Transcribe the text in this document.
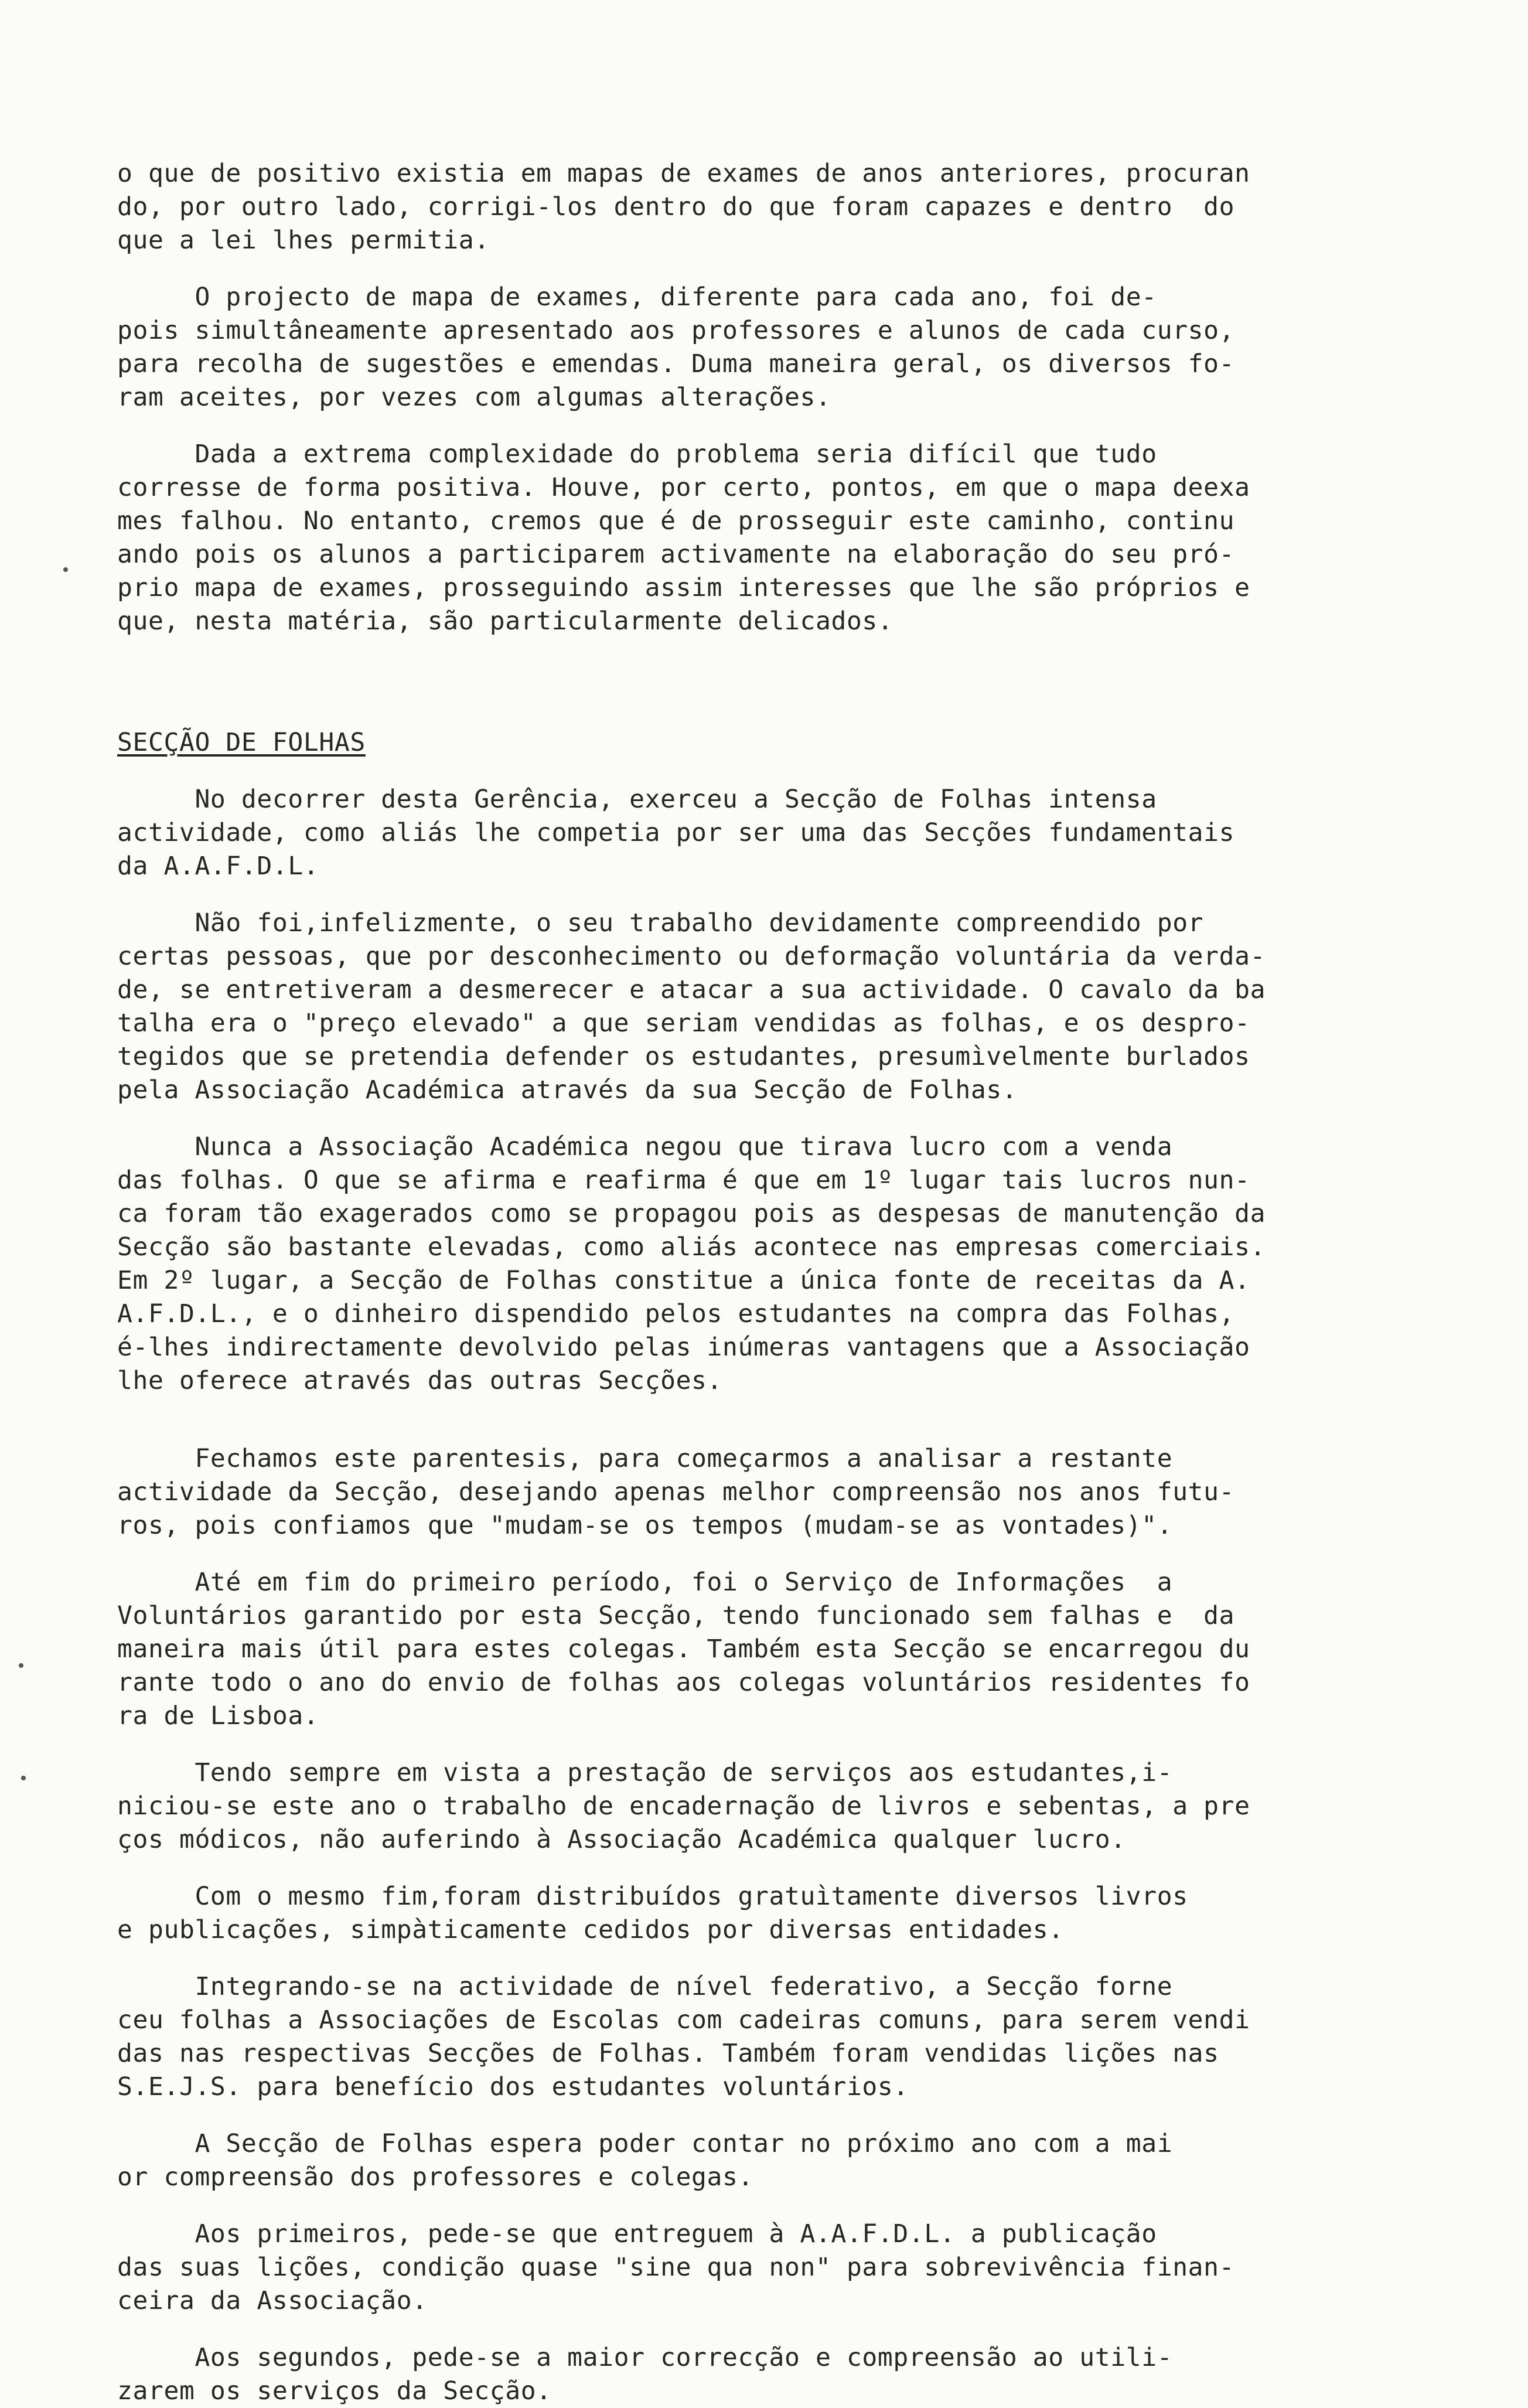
o que de positivo existia em mapas de exames de anos anteriores, procuran
do, por outro lado, corrigi-los dentro do que foram capazes e dentro  do
que a lei lhes permitia.
O projecto de mapa de exames, diferente para cada ano, foi de-
pois simultâneamente apresentado aos professores e alunos de cada curso,
para recolha de sugestões e emendas. Duma maneira geral, os diversos fo-
ram aceites, por vezes com algumas alterações.
Dada a extrema complexidade do problema seria difícil que tudo
corresse de forma positiva. Houve, por certo, pontos, em que o mapa deexa
mes falhou. No entanto, cremos que é de prosseguir este caminho, continu
ando pois os alunos a participarem activamente na elaboração do seu pró-
prio mapa de exames, prosseguindo assim interesses que lhe são próprios e
que, nesta matéria, são particularmente delicados.
SECÇÃO DE FOLHAS
No decorrer desta Gerência, exerceu a Secção de Folhas intensa
actividade, como aliás lhe competia por ser uma das Secções fundamentais
da A.A.F.D.L.
Não foi,infelizmente, o seu trabalho devidamente compreendido por
certas pessoas, que por desconhecimento ou deformação voluntária da verda-
de, se entretiveram a desmerecer e atacar a sua actividade. O cavalo da ba
talha era o "preço elevado" a que seriam vendidas as folhas, e os despro-
tegidos que se pretendia defender os estudantes, presumìvelmente burlados
pela Associação Académica através da sua Secção de Folhas.
Nunca a Associação Académica negou que tirava lucro com a venda
das folhas. O que se afirma e reafirma é que em 1º lugar tais lucros nun-
ca foram tão exagerados como se propagou pois as despesas de manutenção da
Secção são bastante elevadas, como aliás acontece nas empresas comerciais.
Em 2º lugar, a Secção de Folhas constitue a única fonte de receitas da A.
A.F.D.L., e o dinheiro dispendido pelos estudantes na compra das Folhas,
é-lhes indirectamente devolvido pelas inúmeras vantagens que a Associação
lhe oferece através das outras Secções.
Fechamos este parentesis, para começarmos a analisar a restante
actividade da Secção, desejando apenas melhor compreensão nos anos futu-
ros, pois confiamos que "mudam-se os tempos (mudam-se as vontades)".
Até em fim do primeiro período, foi o Serviço de Informações  a
Voluntários garantido por esta Secção, tendo funcionado sem falhas e  da
maneira mais útil para estes colegas. Também esta Secção se encarregou du
rante todo o ano do envio de folhas aos colegas voluntários residentes fo
ra de Lisboa.
Tendo sempre em vista a prestação de serviços aos estudantes,i-
niciou-se este ano o trabalho de encadernação de livros e sebentas, a pre
ços módicos, não auferindo à Associação Académica qualquer lucro.
Com o mesmo fim,foram distribuídos gratuìtamente diversos livros
e publicações, simpàticamente cedidos por diversas entidades.
Integrando-se na actividade de nível federativo, a Secção forne
ceu folhas a Associações de Escolas com cadeiras comuns, para serem vendi
das nas respectivas Secções de Folhas. Também foram vendidas lições nas
S.E.J.S. para benefício dos estudantes voluntários.
A Secção de Folhas espera poder contar no próximo ano com a mai
or compreensão dos professores e colegas.
Aos primeiros, pede-se que entreguem à A.A.F.D.L. a publicação
das suas lições, condição quase "sine qua non" para sobrevivência finan-
ceira da Associação.
Aos segundos, pede-se a maior correcção e compreensão ao utili-
zarem os serviços da Secção.
